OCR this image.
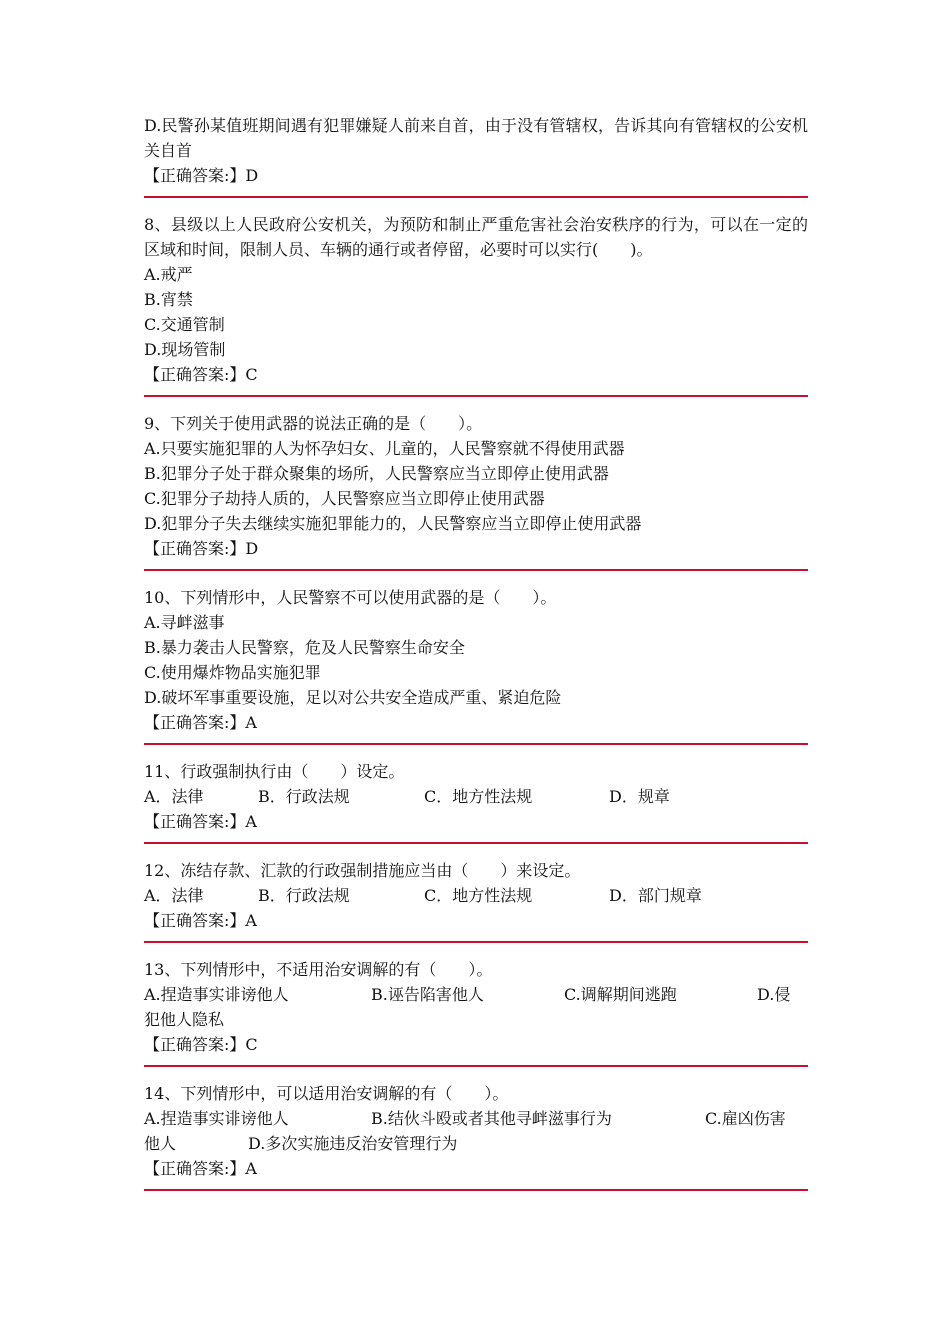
D.民警孙某值班期间遇有犯罪嫌疑人前来自首，由于没有管辖权，告诉其向有管辖权的公安机关自首
【正确答案:】D
8、县级以上人民政府公安机关，为预防和制止严重危害社会治安秩序的行为，可以在一定的区域和时间，限制人员、车辆的通行或者停留，必要时可以实行(　　)。
A.戒严
B.宵禁
C.交通管制
D.现场管制
【正确答案:】C
9、下列关于使用武器的说法正确的是（　　）。
A.只要实施犯罪的人为怀孕妇女、儿童的，人民警察就不得使用武器
B.犯罪分子处于群众聚集的场所，人民警察应当立即停止使用武器
C.犯罪分子劫持人质的，人民警察应当立即停止使用武器
D.犯罪分子失去继续实施犯罪能力的，人民警察应当立即停止使用武器
【正确答案:】D
10、下列情形中，人民警察不可以使用武器的是（　　）。
A.寻衅滋事
B.暴力袭击人民警察，危及人民警察生命安全
C.使用爆炸物品实施犯罪
D.破坏军事重要设施，足以对公共安全造成严重、紧迫危险
【正确答案:】A
11、行政强制执行由（　　）设定。
A．法律	B．行政法规	C．地方性法规	D．规章
【正确答案:】A
12、冻结存款、汇款的行政强制措施应当由（　　）来设定。
A．法律	B．行政法规	C．地方性法规	D．部门规章
【正确答案:】A
13、下列情形中，不适用治安调解的有（　　）。
A.捏造事实诽谤他人	B.诬告陷害他人	C.调解期间逃跑	D.侵
犯他人隐私
【正确答案:】C
14、下列情形中，可以适用治安调解的有（　　）。
A.捏造事实诽谤他人	B.结伙斗殴或者其他寻衅滋事行为	C.雇凶伤害
他人	D.多次实施违反治安管理行为
【正确答案:】A
